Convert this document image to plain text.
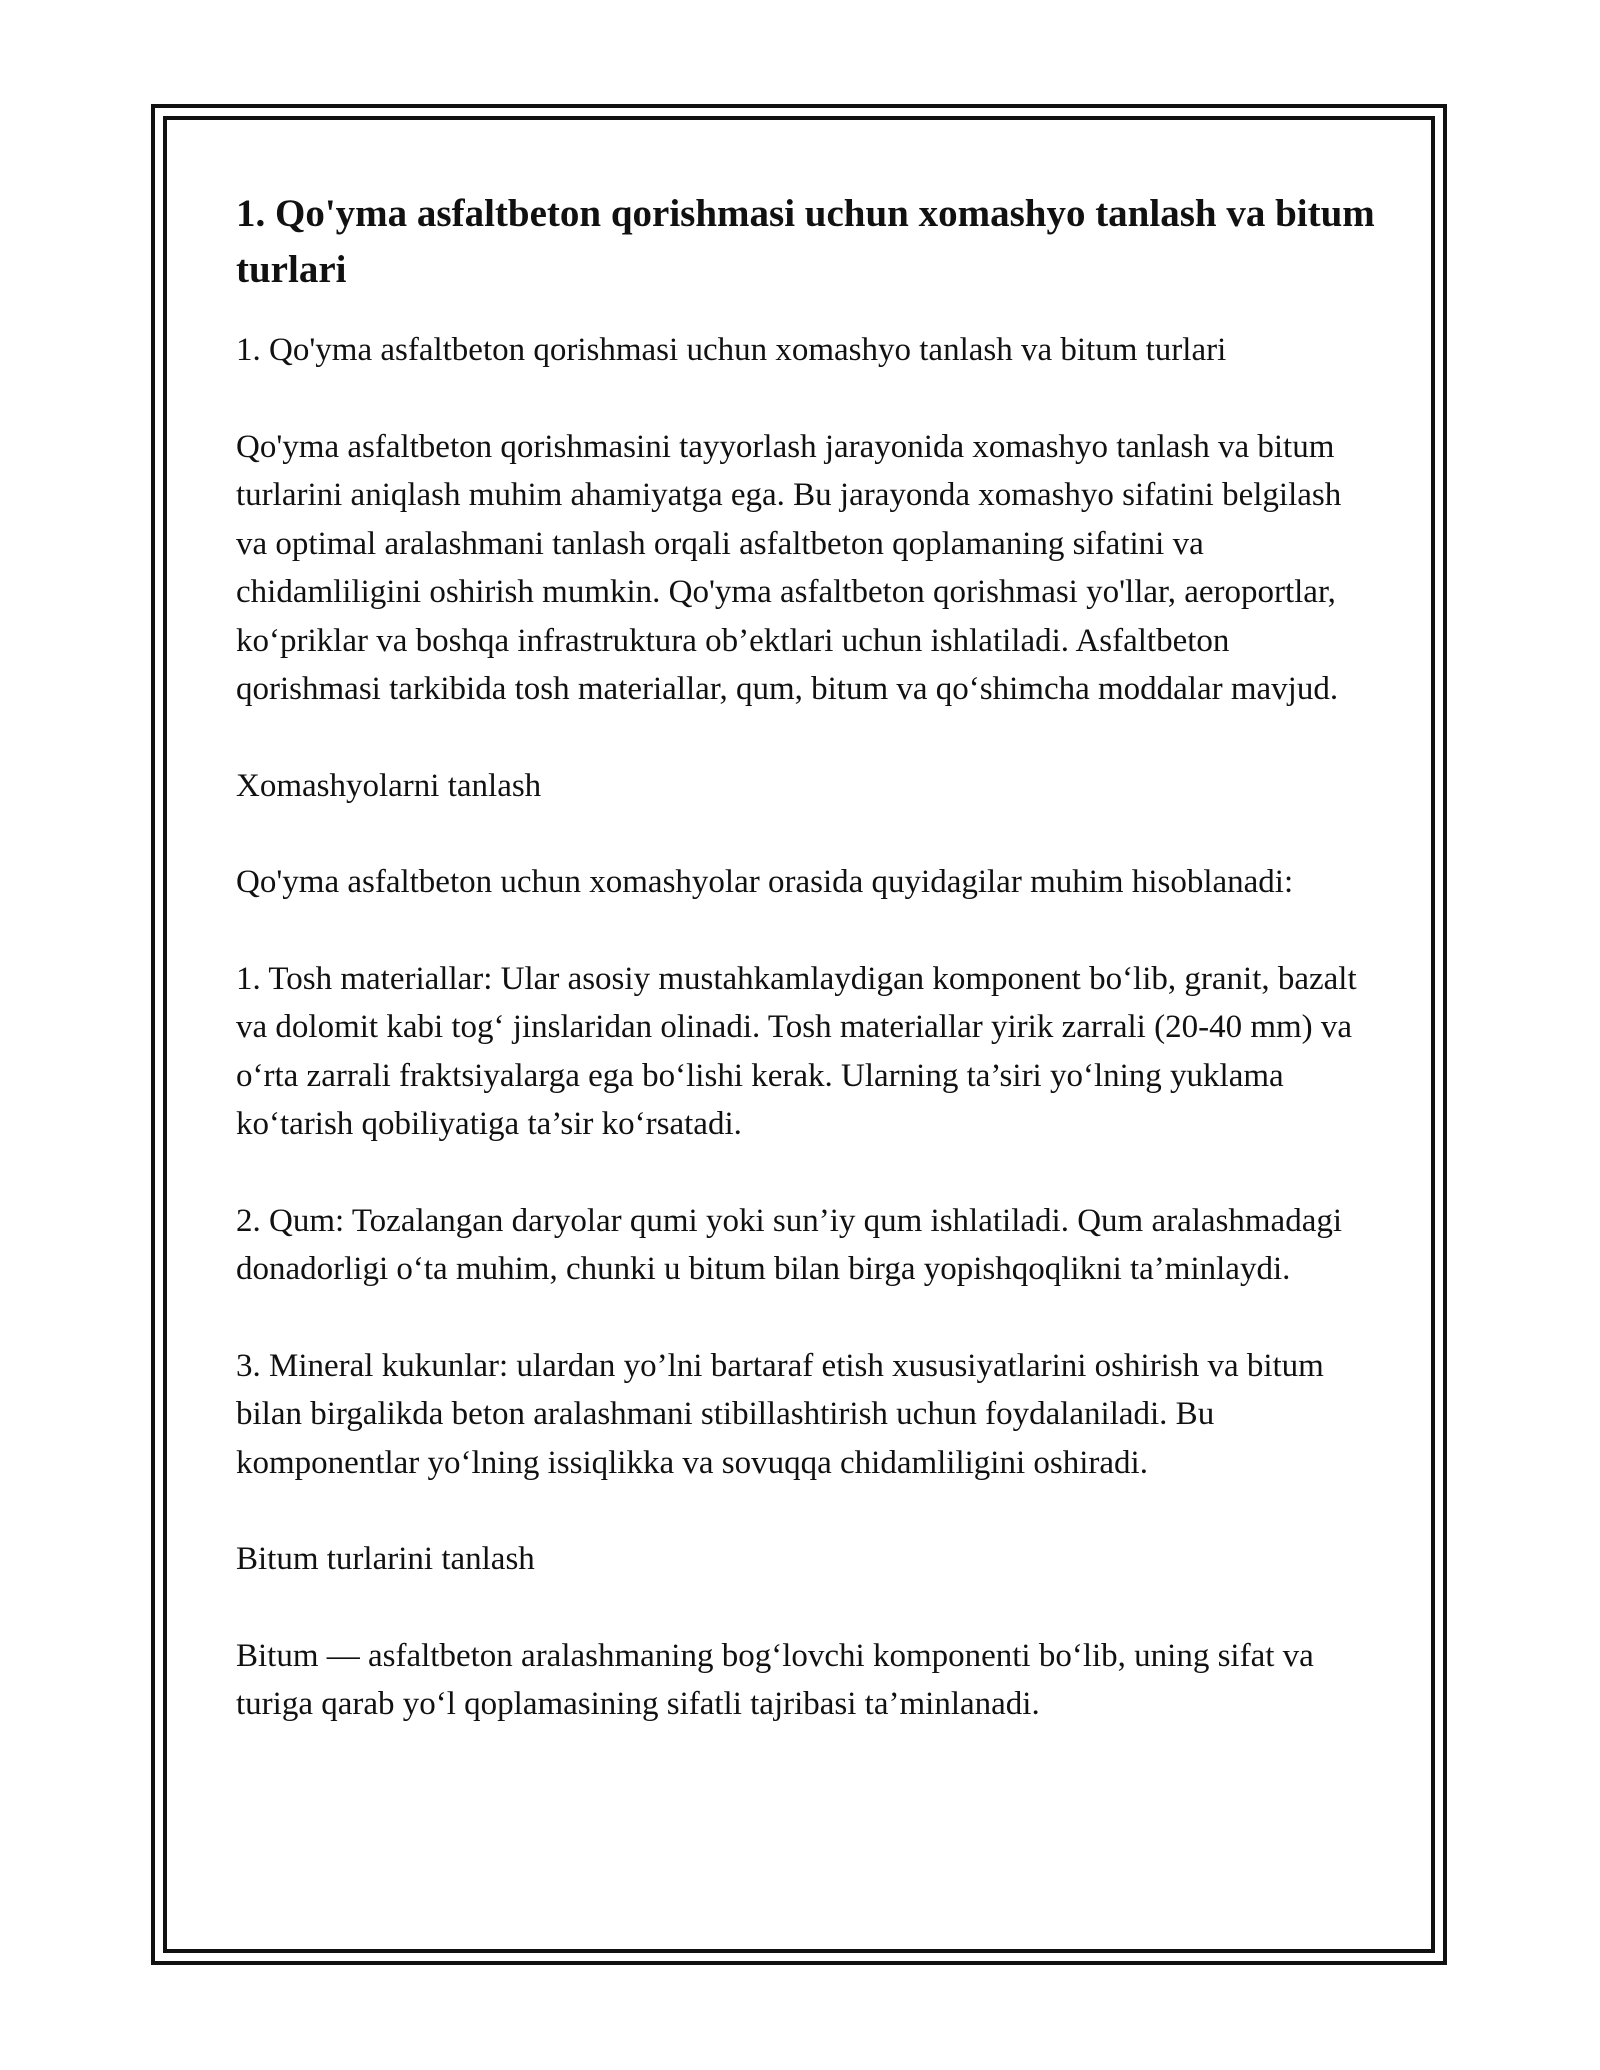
1. Qo'yma asfaltbeton qorishmasi uchun xomashyo tanlash va bitum turlari

1. Qo'yma asfaltbeton qorishmasi uchun xomashyo tanlash va bitum turlari

Qo'yma asfaltbeton qorishmasini tayyorlash jarayonida xomashyo tanlash va bitum turlarini aniqlash muhim ahamiyatga ega. Bu jarayonda xomashyo sifatini belgilash va optimal aralashmani tanlash orqali asfaltbeton qoplamaning sifatini va chidamliligini oshirish mumkin. Qo'yma asfaltbeton qorishmasi yo'llar, aeroportlar, ko‘priklar va boshqa infrastruktura ob’ektlari uchun ishlatiladi. Asfaltbeton qorishmasi tarkibida tosh materiallar, qum, bitum va qo‘shimcha moddalar mavjud.

Xomashyolarni tanlash

Qo'yma asfaltbeton uchun xomashyolar orasida quyidagilar muhim hisoblanadi:

1. Tosh materiallar: Ular asosiy mustahkamlaydigan komponent bo‘lib, granit, bazalt va dolomit kabi tog‘ jinslaridan olinadi. Tosh materiallar yirik zarrali (20-40 mm) va o‘rta zarrali fraktsiyalarga ega bo‘lishi kerak. Ularning ta’siri yo‘lning yuklama ko‘tarish qobiliyatiga ta’sir ko‘rsatadi.

2. Qum: Tozalangan daryolar qumi yoki sun’iy qum ishlatiladi. Qum aralashmadagi donadorligi o‘ta muhim, chunki u bitum bilan birga yopishqoqlikni ta’minlaydi.

3. Mineral kukunlar: ulardan yo’lni bartaraf etish xususiyatlarini oshirish va bitum bilan birgalikda beton aralashmani stibillashtirish uchun foydalaniladi. Bu komponentlar yo‘lning issiqlikka va sovuqqa chidamliligini oshiradi.

Bitum turlarini tanlash

Bitum — asfaltbeton aralashmaning bog‘lovchi komponenti bo‘lib, uning sifat va turiga qarab yo‘l qoplamasining sifatli tajribasi ta’minlanadi.
